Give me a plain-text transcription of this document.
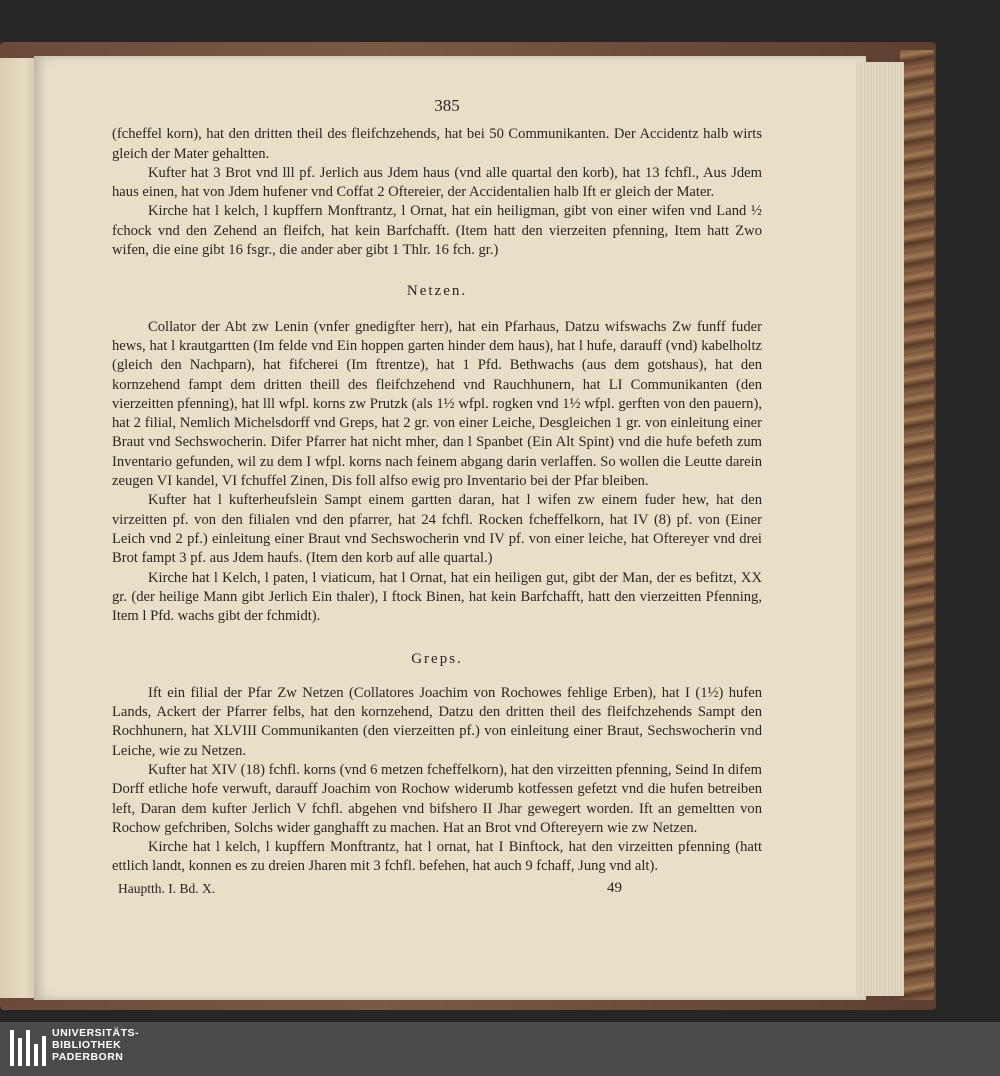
385

(fcheffel korn), hat den dritten theil des fleifchzehends, hat bei 50 Communikanten. Der Accidentz halb wirts gleich der Mater gehaltten.

Kufter hat 3 Brot vnd lll pf. Jerlich aus Jdem haus (vnd alle quartal den korb), hat 13 fchfl., Aus Jdem haus einen, hat von Jdem hufener vnd Coffat 2 Oftereier, der Accidentalien halb Ift er gleich der Mater.

Kirche hat l kelch, l kupffern Monftrantz, l Ornat, hat ein heiligman, gibt von einer wifen vnd Land ½ fchock vnd den Zehend an fleifch, hat kein Barfchafft. (Item hatt den vierzeiten pfenning, Item hatt Zwo wifen, die eine gibt 16 fsgr., die ander aber gibt 1 Thlr. 16 fch. gr.)

Netzen.

Collator der Abt zw Lenin (vnfer gnedigfter herr), hat ein Pfarhaus, Datzu wifswachs Zw funff fuder hews, hat l krautgartten (Im felde vnd Ein hoppen garten hinder dem haus), hat l hufe, darauff (vnd) kabelholtz (gleich den Nachparn), hat fifcherei (Im ftrentze), hat 1 Pfd. Bethwachs (aus dem gotshaus), hat den kornzehend fampt dem dritten theill des fleifchzehend vnd Rauchhunern, hat LI Communikanten (den vierzeitten pfenning), hat lll wfpl. korns zw Prutzk (als 1½ wfpl. rogken vnd 1½ wfpl. gerften von den pauern), hat 2 filial, Nemlich Michelsdorff vnd Greps, hat 2 gr. von einer Leiche, Desgleichen 1 gr. von einleitung einer Braut vnd Sechswocherin. Difer Pfarrer hat nicht mher, dan l Spanbet (Ein Alt Spint) vnd die hufe befeth zum Inventario gefunden, wil zu dem I wfpl. korns nach feinem abgang darin verlaffen. So wollen die Leutte darein zeugen VI kandel, VI fchuffel Zinen, Dis foll alfso ewig pro Inventario bei der Pfar bleiben.

Kufter hat l kufterheufslein Sampt einem gartten daran, hat l wifen zw einem fuder hew, hat den virzeitten pf. von den filialen vnd den pfarrer, hat 24 fchfl. Rocken fcheffelkorn, hat IV (8) pf. von (Einer Leich vnd 2 pf.) einleitung einer Braut vnd Sechswocherin vnd IV pf. von einer leiche, hat Oftereyer vnd drei Brot fampt 3 pf. aus Jdem haufs. (Item den korb auf alle quartal.)

Kirche hat l Kelch, l paten, l viaticum, hat l Ornat, hat ein heiligen gut, gibt der Man, der es befitzt, XX gr. (der heilige Mann gibt Jerlich Ein thaler), I ftock Binen, hat kein Barfchafft, hatt den vierzeitten Pfenning, Item l Pfd. wachs gibt der fchmidt).

Greps.

Ift ein filial der Pfar Zw Netzen (Collatores Joachim von Rochowes fehlige Erben), hat I (1½) hufen Lands, Ackert der Pfarrer felbs, hat den kornzehend, Datzu den dritten theil des fleifchzehends Sampt den Rochhunern, hat XLVIII Communikanten (den vierzeitten pf.) von einleitung einer Braut, Sechswocherin vnd Leiche, wie zu Netzen.

Kufter hat XIV (18) fchfl. korns (vnd 6 metzen fcheffelkorn), hat den virzeitten pfenning, Seind In difem Dorff etliche hofe verwuft, darauff Joachim von Rochow widerumb kotfessen gefetzt vnd die hufen betreiben left, Daran dem kufter Jerlich V fchfl. abgehen vnd bifshero II Jhar gewegert worden. Ift an gemeltten von Rochow gefchriben, Solchs wider ganghafft zu machen. Hat an Brot vnd Oftereyern wie zw Netzen.

Kirche hat l kelch, l kupffern Monftrantz, hat l ornat, hat I Binftock, hat den virzeitten pfenning (hatt ettlich landt, konnen es zu dreien Jharen mit 3 fchfl. befehen, hat auch 9 fchaff, Jung vnd alt).

Hauptth. I. Bd. X.	49
UNIVERSITÄTS-
BIBLIOTHEK
PADERBORN
